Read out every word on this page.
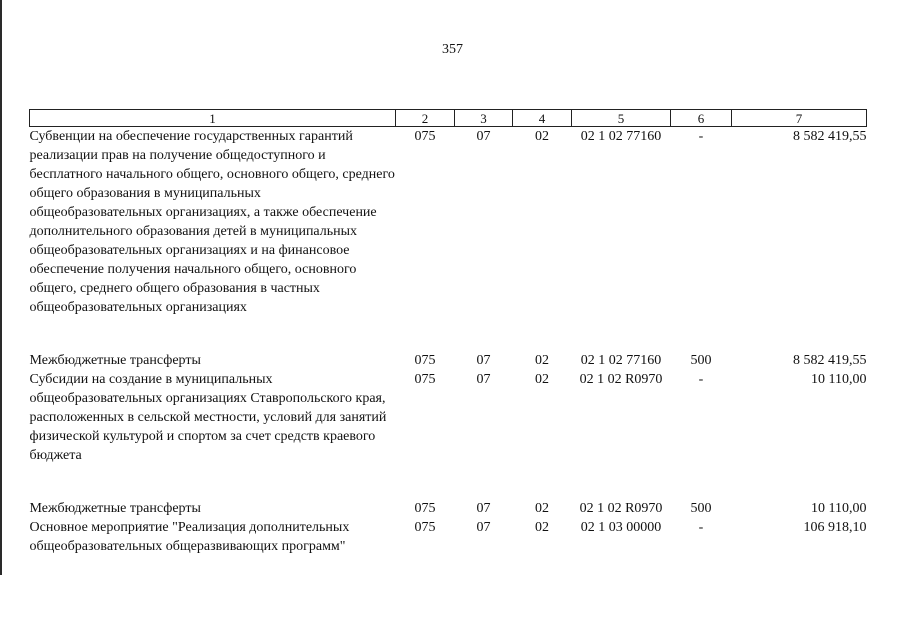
357
1	2	3	4	5	6	7
Субвенции на обеспечение государственных гарантий реализации прав на получение общедоступного и бесплатного начального общего, основного общего, среднего общего образования в муниципальных общеобразовательных организациях, а также обеспечение дополнительного образования детей в муниципальных общеобразовательных организациях и на финансовое обеспечение получения начального общего, основного общего, среднего общего образования в частных общеобразовательных организациях	075	07	02	02 1 02 77160	-	8 582 419,55
Межбюджетные трансферты	075	07	02	02 1 02 77160	500	8 582 419,55
Субсидии на создание в муниципальных общеобразовательных организациях Ставропольского края, расположенных в сельской местности, условий для занятий физической культурой и спортом за счет средств краевого бюджета	075	07	02	02 1 02 R0970	-	10 110,00
Межбюджетные трансферты	075	07	02	02 1 02 R0970	500	10 110,00
Основное мероприятие "Реализация дополнительных общеобразовательных общеразвивающих программ"	075	07	02	02 1 03 00000	-	106 918,10
